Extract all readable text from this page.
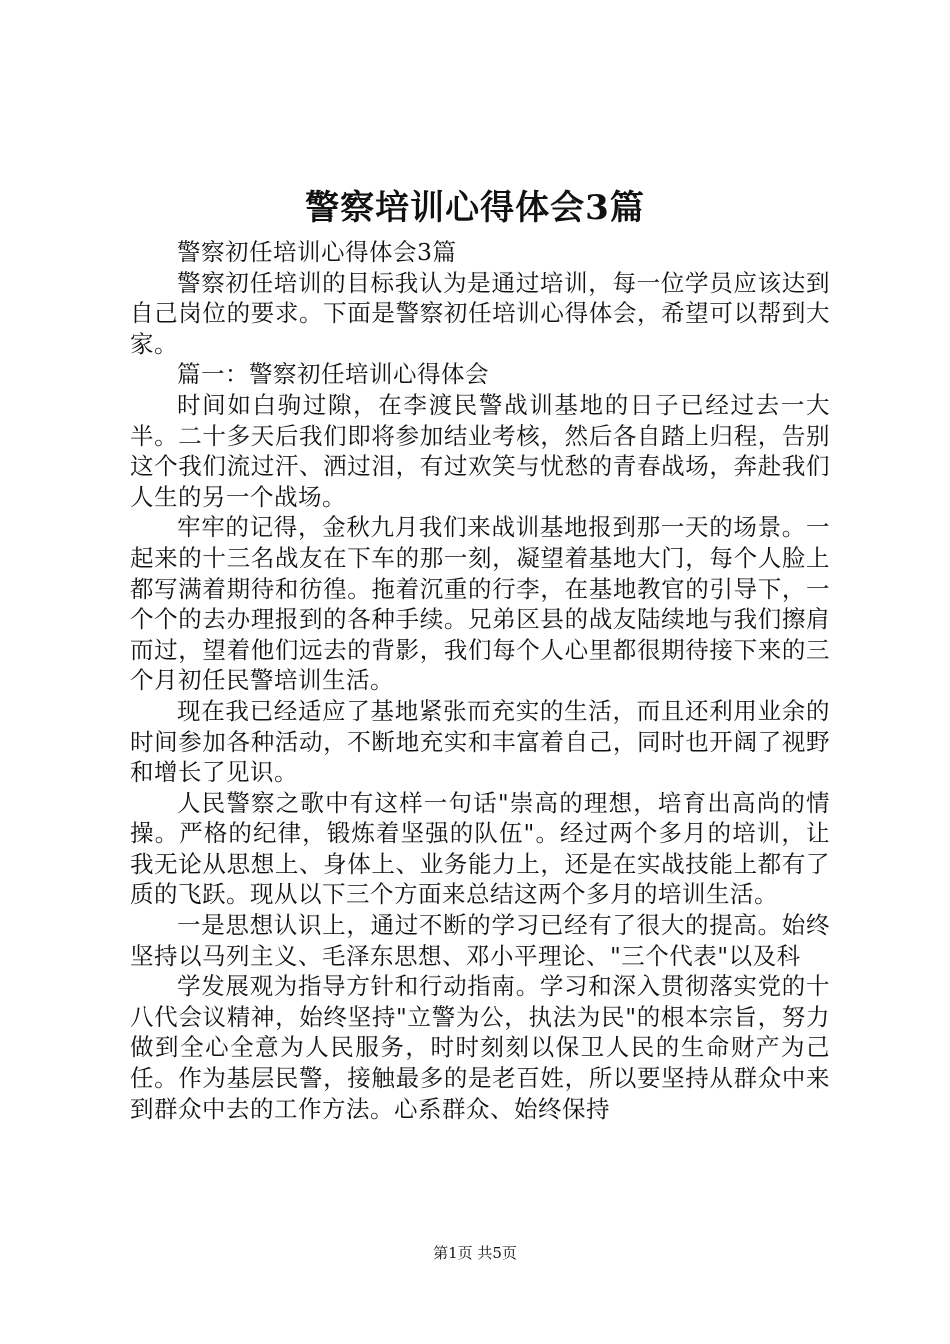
警察培训心得体会3篇

警察初任培训心得体会3篇

警察初任培训的目标我认为是通过培训，每一位学员应该达到自己岗位的要求。下面是警察初任培训心得体会，希望可以帮到大家。

篇一：警察初任培训心得体会

时间如白驹过隙，在李渡民警战训基地的日子已经过去一大半。二十多天后我们即将参加结业考核，然后各自踏上归程，告别这个我们流过汗、洒过泪，有过欢笑与忧愁的青春战场，奔赴我们人生的另一个战场。

牢牢的记得，金秋九月我们来战训基地报到那一天的场景。一起来的十三名战友在下车的那一刻，凝望着基地大门，每个人脸上都写满着期待和彷徨。拖着沉重的行李，在基地教官的引导下，一个个的去办理报到的各种手续。兄弟区县的战友陆续地与我们擦肩而过，望着他们远去的背影，我们每个人心里都很期待接下来的三个月初任民警培训生活。

现在我已经适应了基地紧张而充实的生活，而且还利用业余的时间参加各种活动，不断地充实和丰富着自己，同时也开阔了视野和增长了见识。

人民警察之歌中有这样一句话"崇高的理想，培育出高尚的情操。严格的纪律，锻炼着坚强的队伍"。经过两个多月的培训，让我无论从思想上、身体上、业务能力上，还是在实战技能上都有了质的飞跃。现从以下三个方面来总结这两个多月的培训生活。

一是思想认识上，通过不断的学习已经有了很大的提高。始终坚持以马列主义、毛泽东思想、邓小平理论、"三个代表"以及科

学发展观为指导方针和行动指南。学习和深入贯彻落实党的十八代会议精神，始终坚持"立警为公，执法为民"的根本宗旨，努力做到全心全意为人民服务，时时刻刻以保卫人民的生命财产为己任。作为基层民警，接触最多的是老百姓，所以要坚持从群众中来到群众中去的工作方法。心系群众、始终保持

第1页 共5页
